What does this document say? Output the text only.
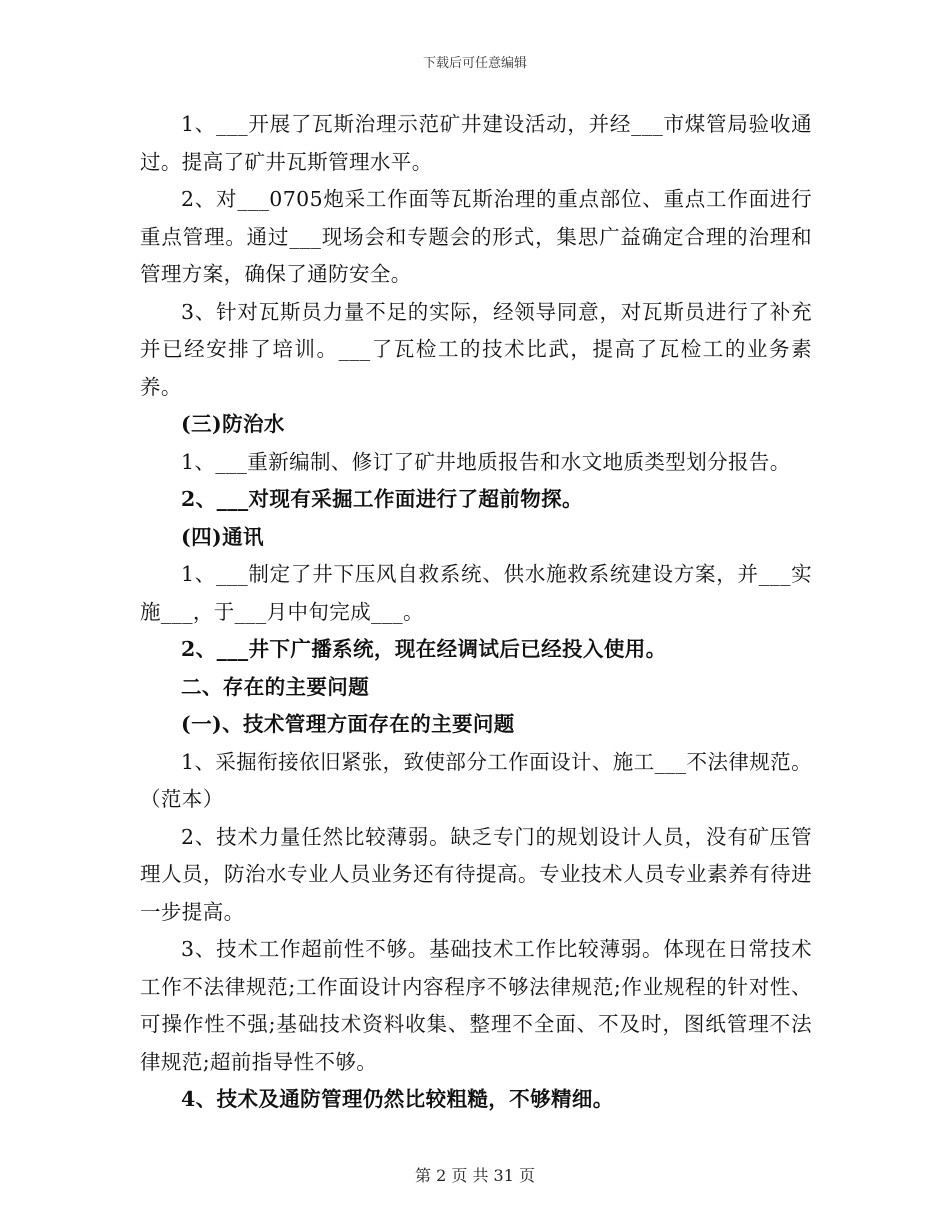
下载后可任意编辑

1、___开展了瓦斯治理示范矿井建设活动，并经___市煤管局验收通过。提高了矿井瓦斯管理水平。

2、对___0705炮采工作面等瓦斯治理的重点部位、重点工作面进行重点管理。通过___现场会和专题会的形式，集思广益确定合理的治理和管理方案，确保了通防安全。

3、针对瓦斯员力量不足的实际，经领导同意，对瓦斯员进行了补充并已经安排了培训。___了瓦检工的技术比武，提高了瓦检工的业务素养。

(三)防治水

1、___重新编制、修订了矿井地质报告和水文地质类型划分报告。

2、___对现有采掘工作面进行了超前物探。

(四)通讯

1、___制定了井下压风自救系统、供水施救系统建设方案，并___实施___，于___月中旬完成___。

2、___井下广播系统，现在经调试后已经投入使用。

二、存在的主要问题

(一)、技术管理方面存在的主要问题

1、采掘衔接依旧紧张，致使部分工作面设计、施工___不法律规范。（范本）

2、技术力量任然比较薄弱。缺乏专门的规划设计人员，没有矿压管理人员，防治水专业人员业务还有待提高。专业技术人员专业素养有待进一步提高。

3、技术工作超前性不够。基础技术工作比较薄弱。体现在日常技术工作不法律规范;工作面设计内容程序不够法律规范;作业规程的针对性、可操作性不强;基础技术资料收集、整理不全面、不及时，图纸管理不法律规范;超前指导性不够。

4、技术及通防管理仍然比较粗糙，不够精细。

第 2 页 共 31 页
